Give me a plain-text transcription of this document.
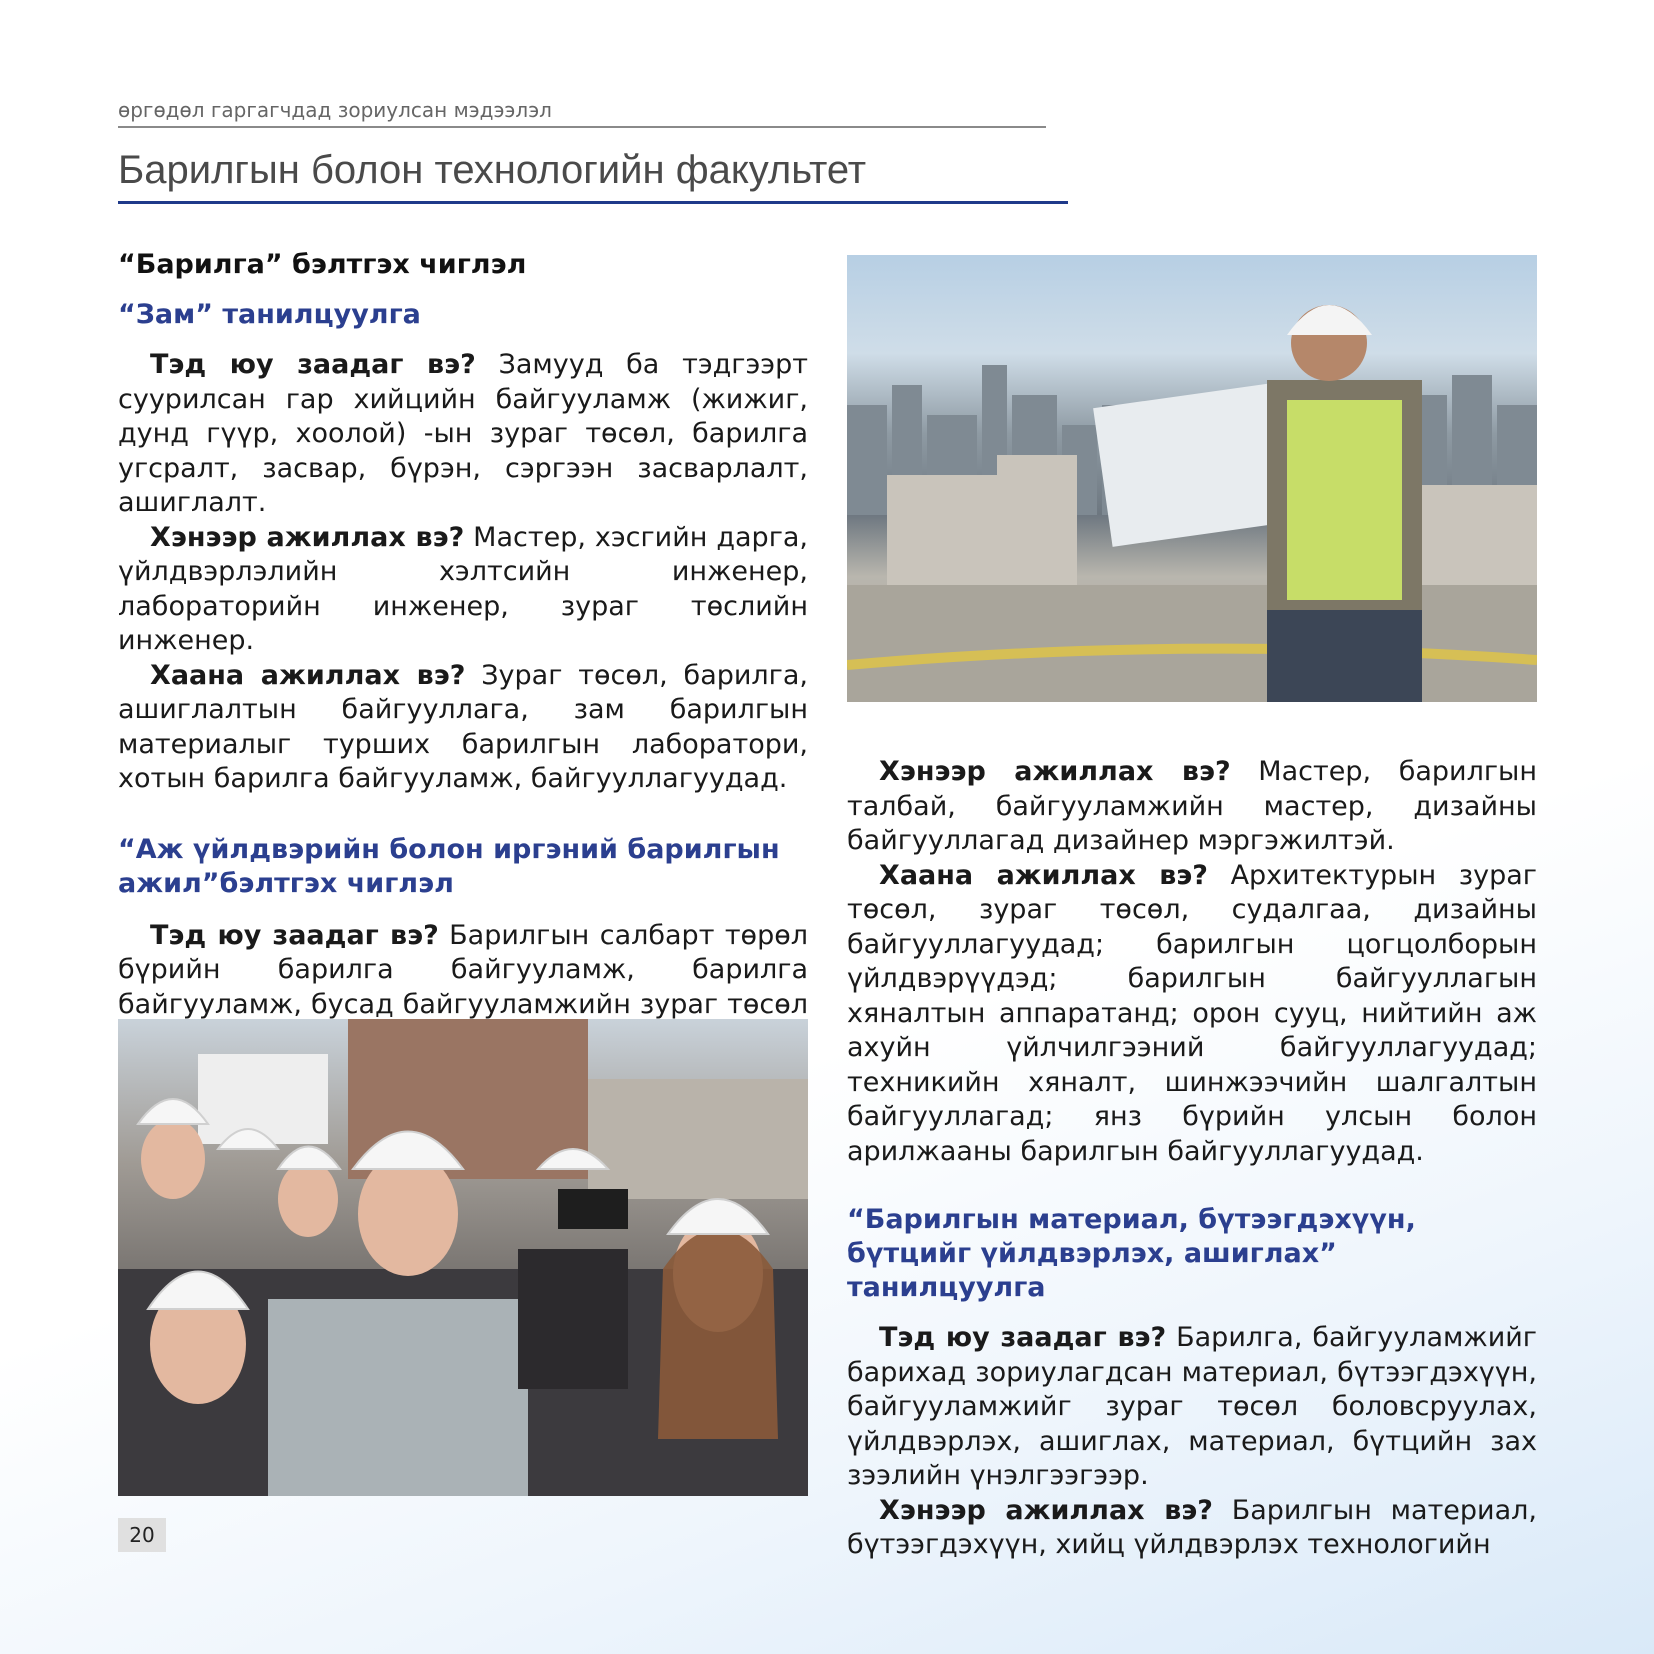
өргөдөл гаргагчдад зориулсан мэдээлэл
Барилгын болон технологийн факультет
“Барилга” бэлтгэх чиглэл
“Зам” танилцуулга

Тэд юу заадаг вэ? Замууд ба тэдгээрт суурилсан гар хийцийн байгууламж (жижиг, дунд гүүр, хоолой) -ын зураг төсөл, барилга угсралт, засвар, бүрэн, сэргээн засварлалт, ашиглалт.

Хэнээр ажиллах вэ? Мастер, хэсгийн дарга, үйлдвэрлэлийн хэлтсийн инженер, лабораторийн инженер, зураг төслийн инженер.

Хаана ажиллах вэ? Зураг төсөл, барилга, ашиглалтын байгууллага, зам барилгын материалыг турших барилгын лаборатори, хотын барилга байгууламж, байгууллагуудад.

“Аж үйлдвэрийн болон иргэний барилгын ажил”бэлтгэх чиглэл

Тэд юу заадаг вэ? Барилгын салбарт төрөл бүрийн барилга байгууламж, барилга байгууламж, бусад байгууламжийн зураг төсөл

Хэнээр ажиллах вэ? Мастер, барилгын талбай, байгууламжийн мастер, дизайны байгууллагад дизайнер мэргэжилтэй.

Хаана ажиллах вэ? Архитектурын зураг төсөл, зураг төсөл, судалгаа, дизайны байгууллагуудад; барилгын цогцолборын үйлдвэрүүдэд; барилгын байгууллагын хяналтын аппаратанд; орон сууц, нийтийн аж ахуйн үйлчилгээний байгууллагуудад; техникийн хяналт, шинжээчийн шалгалтын байгууллагад; янз бүрийн улсын болон арилжааны барилгын байгууллагуудад.

“Барилгын материал, бүтээгдэхүүн, бүтцийг үйлдвэрлэх, ашиглах” танилцуулга

Тэд юу заадаг вэ? Барилга, байгууламжийг барихад зориулагдсан материал, бүтээгдэхүүн, байгууламжийг зураг төсөл боловсруулах, үйлдвэрлэх, ашиглах, материал, бүтцийн зах зээлийн үнэлгээгээр.

Хэнээр ажиллах вэ? Барилгын материал, бүтээгдэхүүн, хийц үйлдвэрлэх технологийн

20
